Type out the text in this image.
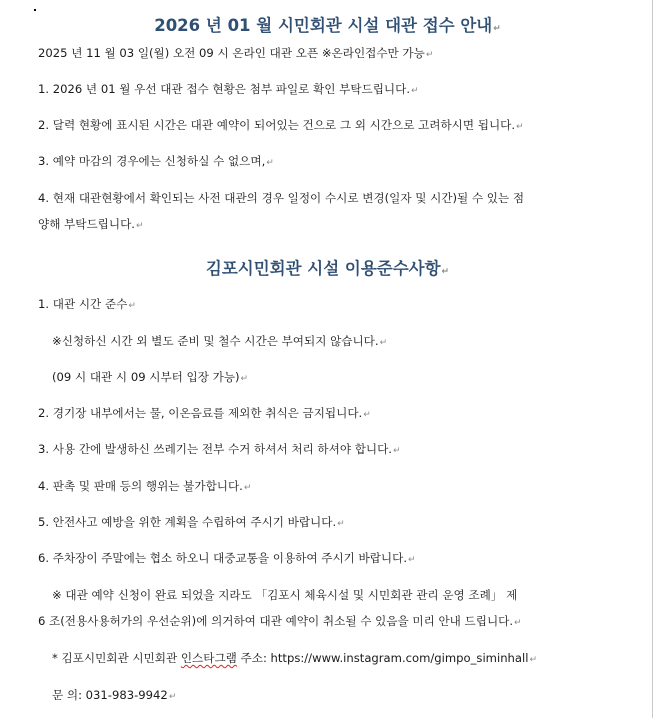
2026 년 01 월 시민회관 시설 대관 접수 안내↵
2025 년 11 월 03 일(월) 오전 09 시 온라인 대관 오픈 ※온라인접수만 가능↵
1. 2026 년 01 월 우선 대관 접수 현황은 첨부 파일로 확인 부탁드립니다.↵
2. 달력 현황에 표시된 시간은 대관 예약이 되어있는 건으로 그 외 시간으로 고려하시면 됩니다.↵
3. 예약 마감의 경우에는 신청하실 수 없으며,↵
4. 현재 대관현황에서 확인되는 사전 대관의 경우 일정이 수시로 변경(일자 및 시간)될 수 있는 점
양해 부탁드립니다.↵
김포시민회관 시설 이용준수사항↵
1. 대관 시간 준수↵
※신청하신 시간 외 별도 준비 및 철수 시간은 부여되지 않습니다.↵
(09 시 대관 시 09 시부터 입장 가능)↵
2. 경기장 내부에서는 물, 이온음료를 제외한 취식은 금지됩니다.↵
3. 사용 간에 발생하신 쓰레기는 전부 수거 하셔서 처리 하셔야 합니다.↵
4. 판촉 및 판매 등의 행위는 불가합니다.↵
5. 안전사고 예방을 위한 계획을 수립하여 주시기 바랍니다.↵
6. 주차장이 주말에는 협소 하오니 대중교통을 이용하여 주시기 바랍니다.↵
※ 대관 예약 신청이 완료 되었을 지라도 「김포시 체육시설 및 시민회관 관리 운영 조례」 제
6 조(전용사용허가의 우선순위)에 의거하여 대관 예약이 취소될 수 있음을 미리 안내 드립니다.↵
* 김포시민회관 시민회관 인스타그램 주소: https://www.instagram.com/gimpo_siminhall↵
문 의: 031-983-9942↵
